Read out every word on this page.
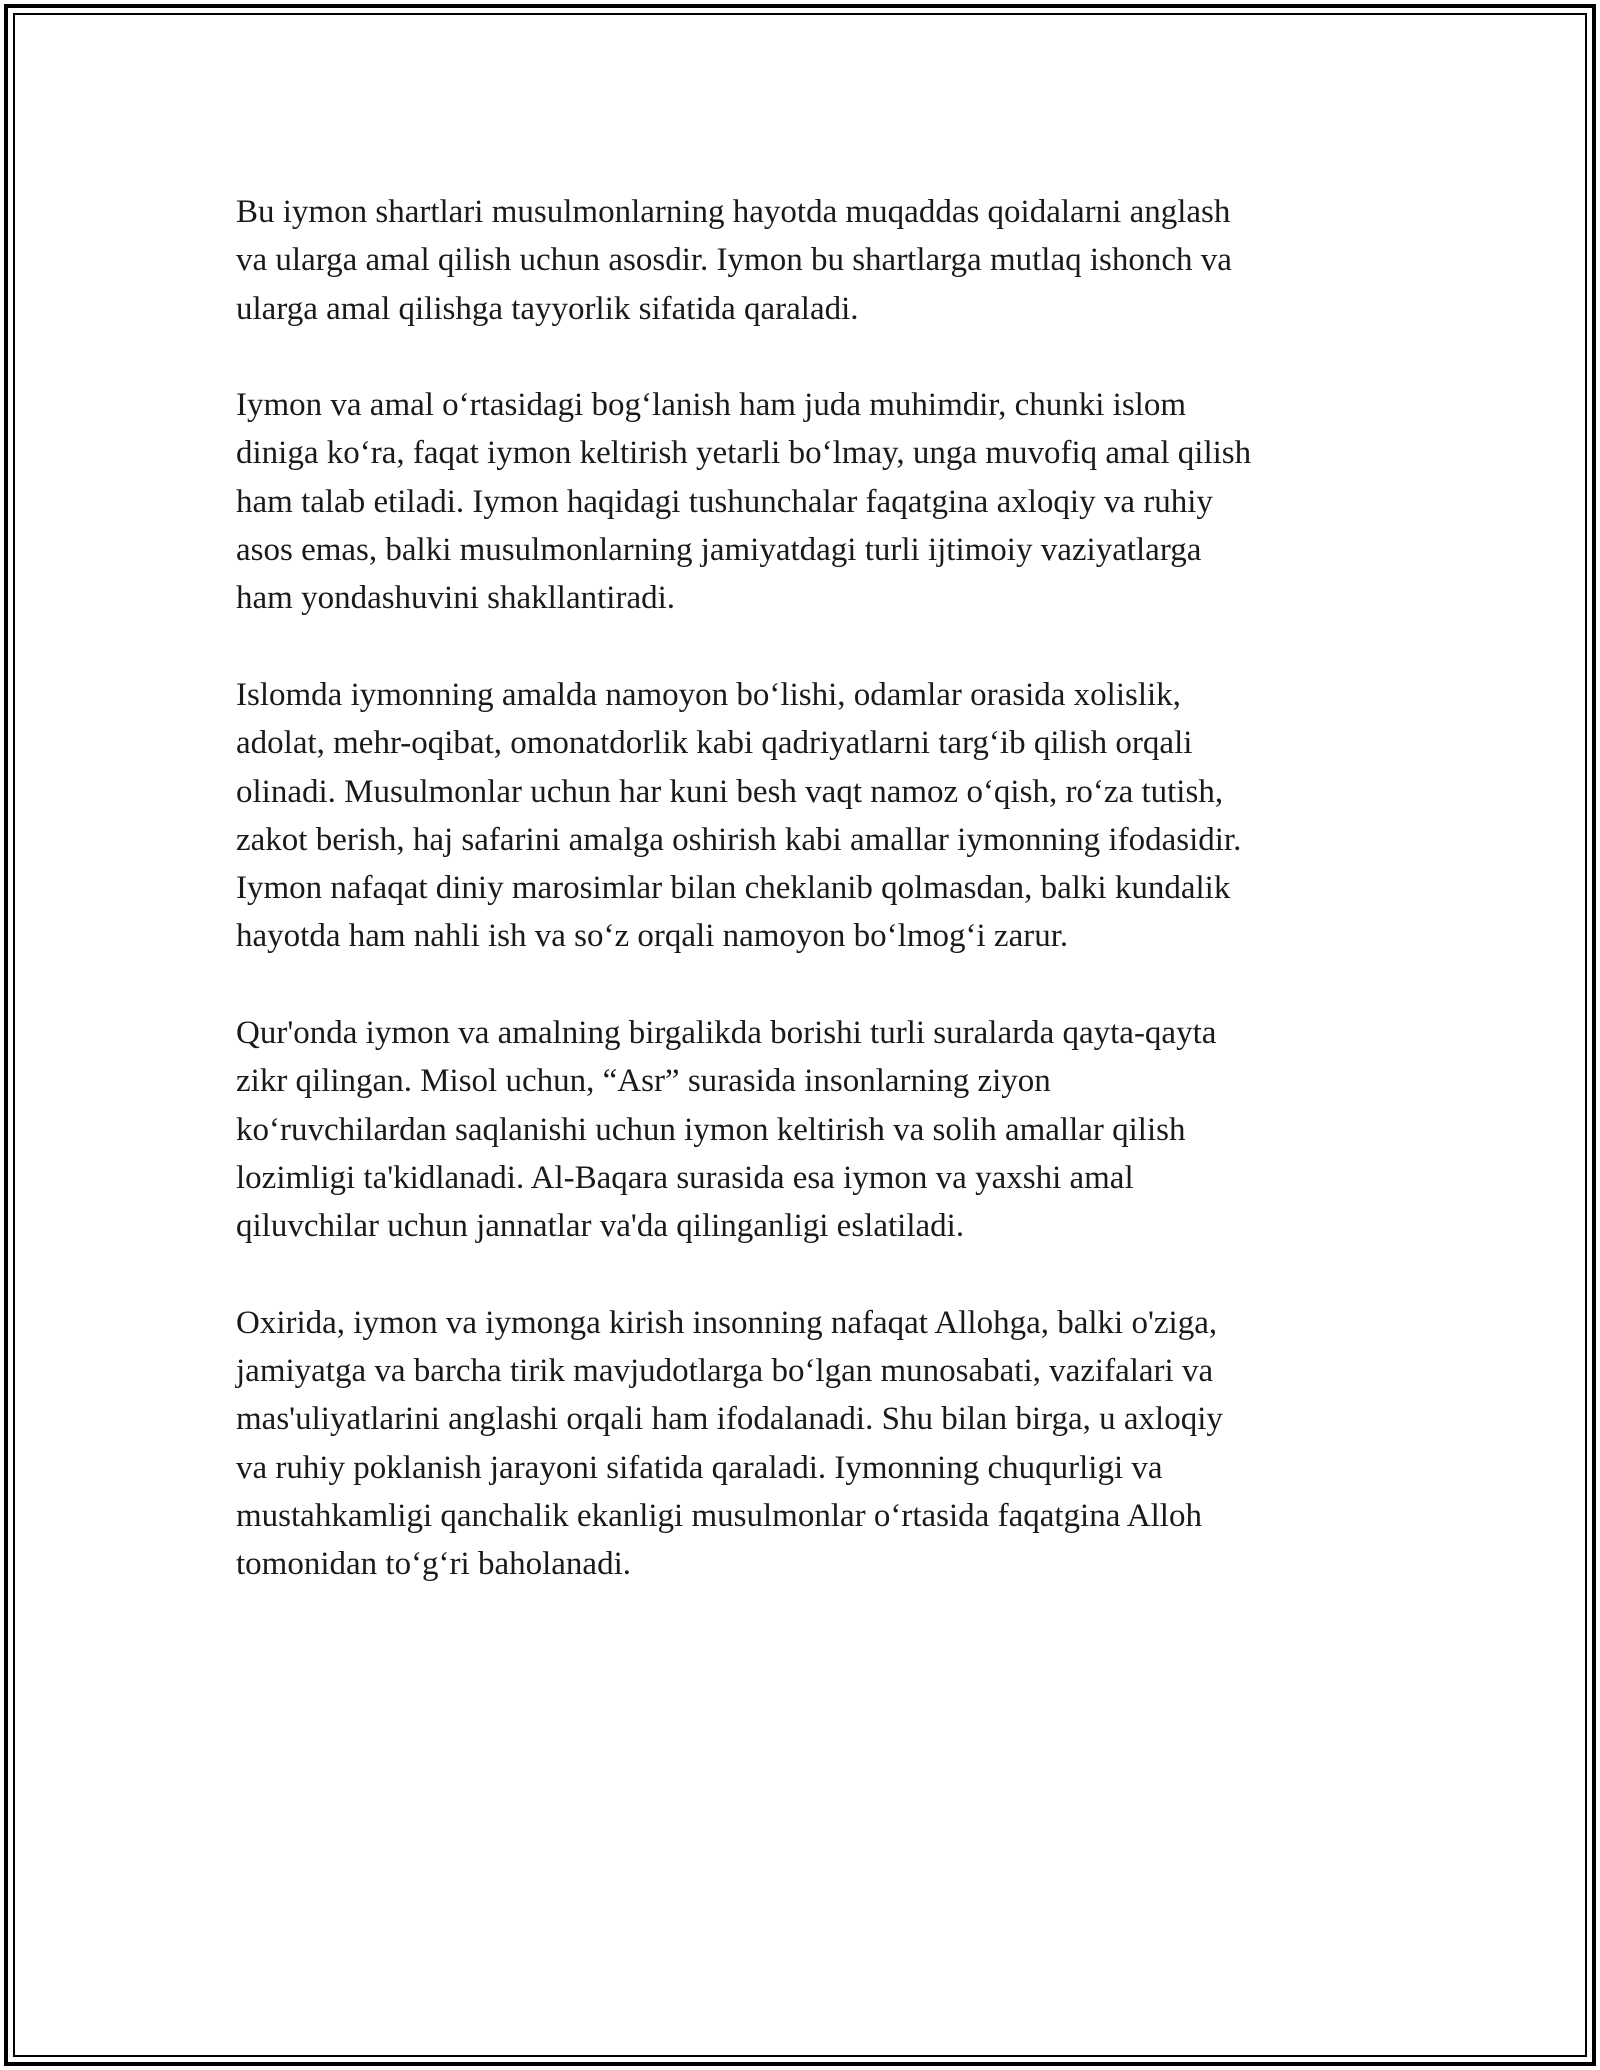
Bu iymon shartlari musulmonlarning hayotda muqaddas qoidalarni anglash
va ularga amal qilish uchun asosdir. Iymon bu shartlarga mutlaq ishonch va
ularga amal qilishga tayyorlik sifatida qaraladi.

Iymon va amal o‘rtasidagi bog‘lanish ham juda muhimdir, chunki islom
diniga ko‘ra, faqat iymon keltirish yetarli bo‘lmay, unga muvofiq amal qilish
ham talab etiladi. Iymon haqidagi tushunchalar faqatgina axloqiy va ruhiy
asos emas, balki musulmonlarning jamiyatdagi turli ijtimoiy vaziyatlarga
ham yondashuvini shakllantiradi.

Islomda iymonning amalda namoyon bo‘lishi, odamlar orasida xolislik,
adolat, mehr-oqibat, omonatdorlik kabi qadriyatlarni targ‘ib qilish orqali
olinadi. Musulmonlar uchun har kuni besh vaqt namoz o‘qish, ro‘za tutish,
zakot berish, haj safarini amalga oshirish kabi amallar iymonning ifodasidir.
Iymon nafaqat diniy marosimlar bilan cheklanib qolmasdan, balki kundalik
hayotda ham nahli ish va so‘z orqali namoyon bo‘lmog‘i zarur.

Qur'onda iymon va amalning birgalikda borishi turli suralarda qayta-qayta
zikr qilingan. Misol uchun, “Asr” surasida insonlarning ziyon
ko‘ruvchilardan saqlanishi uchun iymon keltirish va solih amallar qilish
lozimligi ta'kidlanadi. Al-Baqara surasida esa iymon va yaxshi amal
qiluvchilar uchun jannatlar va'da qilinganligi eslatiladi.

Oxirida, iymon va iymonga kirish insonning nafaqat Allohga, balki o'ziga,
jamiyatga va barcha tirik mavjudotlarga bo‘lgan munosabati, vazifalari va
mas'uliyatlarini anglashi orqali ham ifodalanadi. Shu bilan birga, u axloqiy
va ruhiy poklanish jarayoni sifatida qaraladi. Iymonning chuqurligi va
mustahkamligi qanchalik ekanligi musulmonlar o‘rtasida faqatgina Alloh
tomonidan to‘g‘ri baholanadi.
